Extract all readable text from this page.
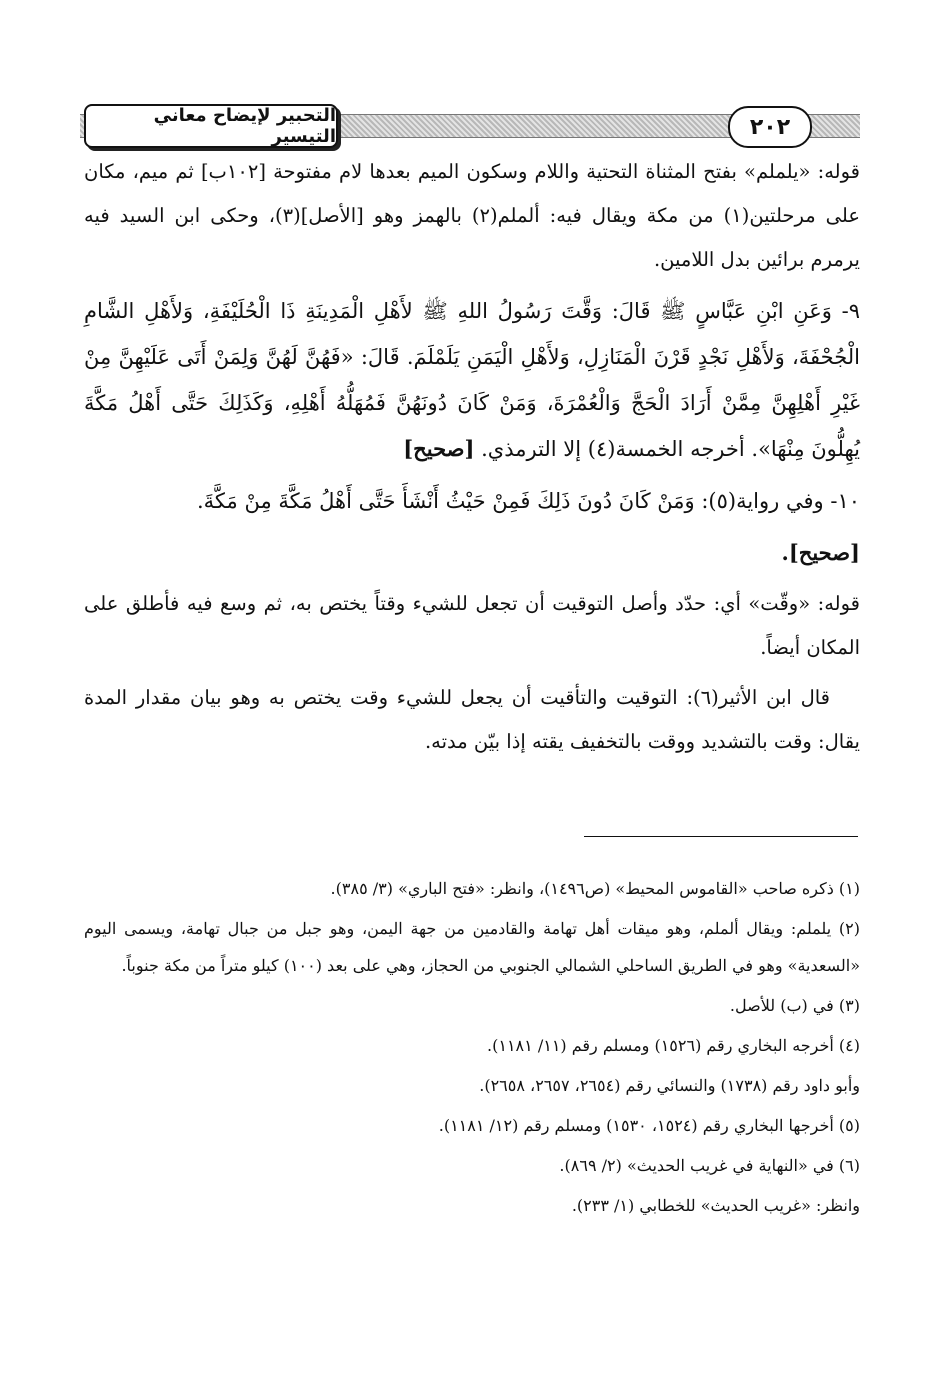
التحبير لإيضاح معاني التيسير	٢٠٢

قوله: «يلملم» بفتح المثناة التحتية واللام وسكون الميم بعدها لام مفتوحة [١٠٢ب] ثم ميم، مكان على مرحلتين(١) من مكة ويقال فيه: ألملم(٢) بالهمز وهو [الأصل](٣)، وحكى ابن السيد فيه يرمرم برائين بدل اللامين.

٩- وَعَنِ ابْنِ عَبَّاسٍ ﷺ قَالَ: وَقَّتَ رَسُولُ اللهِ ﷺ لأَهْلِ الْمَدِينَةِ ذَا الْحُلَيْفَةِ، وَلأَهْلِ الشَّامِ الْجُحْفَةَ، وَلأَهْلِ نَجْدٍ قَرْنَ الْمَنَازِلِ، وَلأَهْلِ الْيَمَنِ يَلَمْلَمَ. قَالَ: «فَهُنَّ لَهُنَّ وَلِمَنْ أَتَى عَلَيْهِنَّ مِنْ غَيْرِ أَهْلِهِنَّ مِمَّنْ أَرَادَ الْحَجَّ وَالْعُمْرَةَ، وَمَنْ كَانَ دُونَهُنَّ فَمُهَلُّهُ أَهْلِهِ، وَكَذَلِكَ حَتَّى أَهْلُ مَكَّةَ يُهِلُّونَ مِنْهَا». أخرجه الخمسة(٤) إلا الترمذي. [صحيح]

١٠- وفي رواية(٥): وَمَنْ كَانَ دُونَ ذَلِكَ فَمِنْ حَيْثُ أَنْشَأَ حَتَّى أَهْلُ مَكَّةَ مِنْ مَكَّةَ.

[صحيح].

قوله: «وقّت» أي: حدّد وأصل التوقيت أن تجعل للشيء وقتاً يختص به، ثم وسع فيه فأطلق على المكان أيضاً.

قال ابن الأثير(٦): التوقيت والتأقيت أن يجعل للشيء وقت يختص به وهو بيان مقدار المدة يقال: وقت بالتشديد ووقت بالتخفيف يقته إذا بيّن مدته.

(١) ذكره صاحب «القاموس المحيط» (ص١٤٩٦)، وانظر: «فتح الباري» (٣/ ٣٨٥).

(٢) يلملم: ويقال ألملم، وهو ميقات أهل تهامة والقادمين من جهة اليمن، وهو جبل من جبال تهامة، ويسمى اليوم «السعدية» وهو في الطريق الساحلي الشمالي الجنوبي من الحجاز، وهي على بعد (١٠٠) كيلو متراً من مكة جنوباً.

(٣) في (ب) للأصل.

(٤) أخرجه البخاري رقم (١٥٢٦) ومسلم رقم (١١/ ١١٨١).

وأبو داود رقم (١٧٣٨) والنسائي رقم (٢٦٥٤، ٢٦٥٧، ٢٦٥٨).

(٥) أخرجها البخاري رقم (١٥٢٤، ١٥٣٠) ومسلم رقم (١٢/ ١١٨١).

(٦) في «النهاية في غريب الحديث» (٢/ ٨٦٩).

وانظر: «غريب الحديث» للخطابي (١/ ٢٣٣).
